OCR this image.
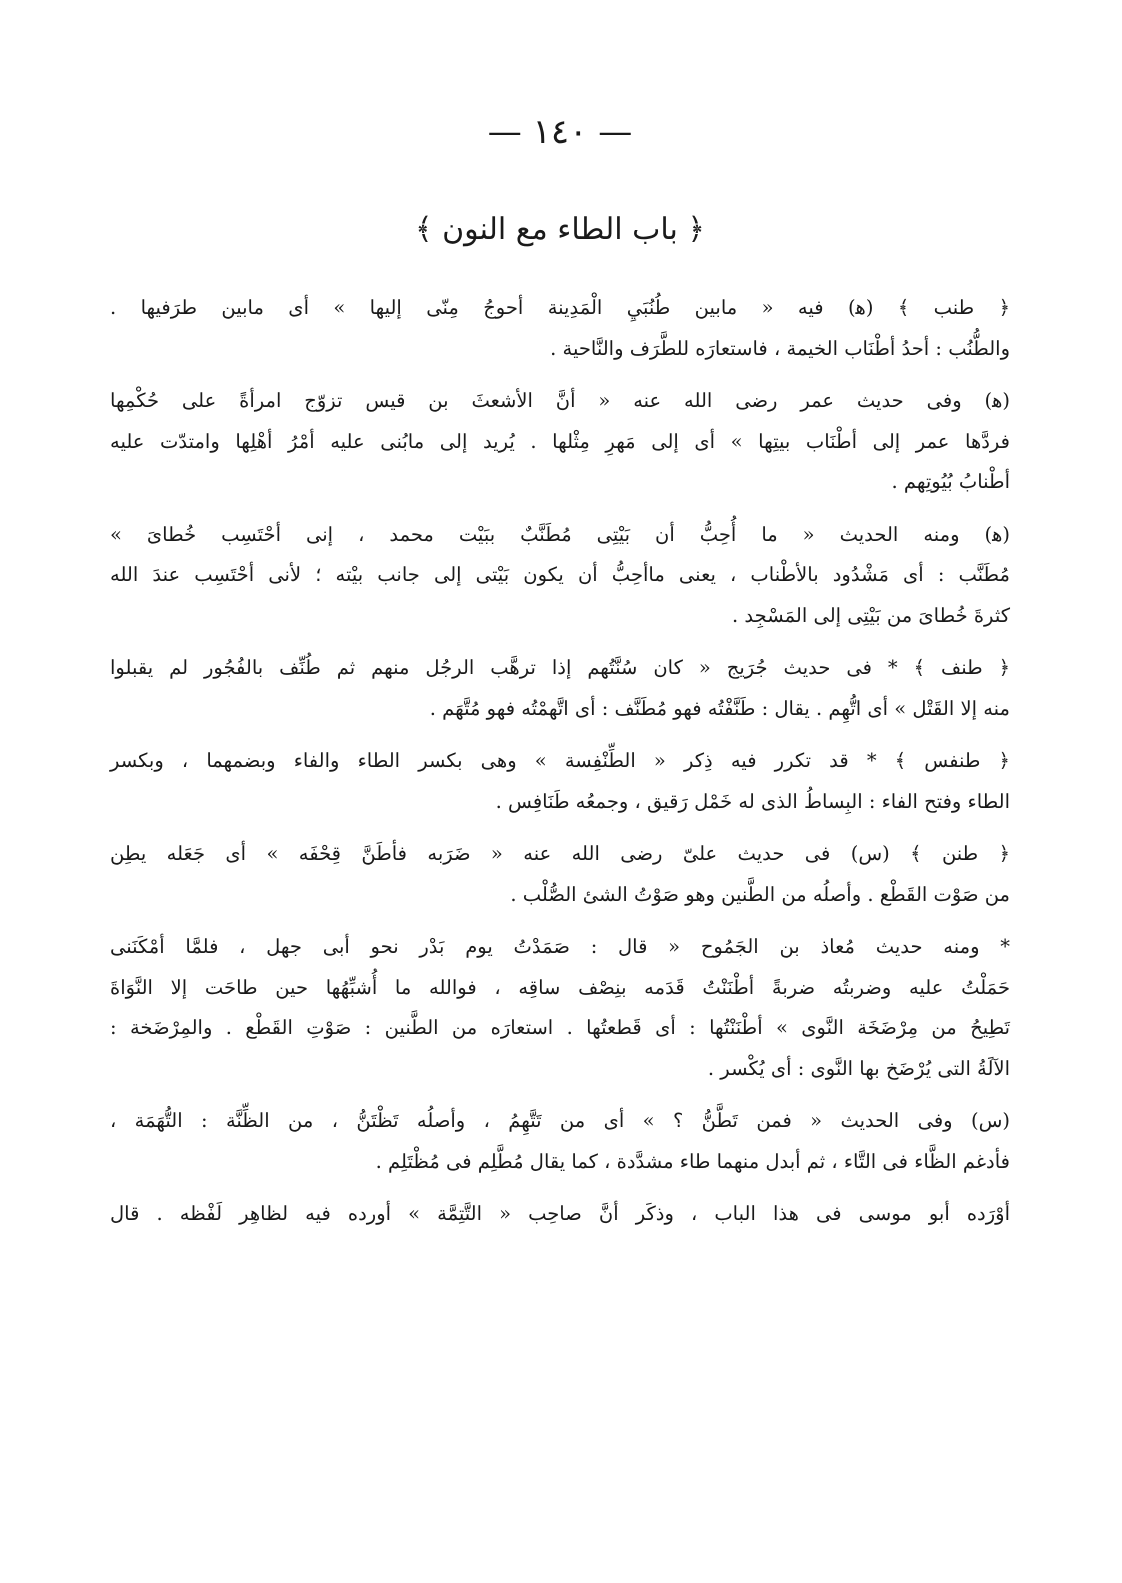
— ١٤٠ —
﴿ باب الطاء مع النون ﴾

﴿ طنب ﴾ (ﻫ) فيه « مابين طُنُبَيِ الْمَدِينة أحوجُ مِنّى إليها » أى مابين طرَفيها .
والطُّنُب : أحدُ أطْنَاب الخيمة ، فاستعارَه للطَّرَف والنَّاحية .

(ﻫ) وفى حديث عمر رضى الله عنه « أنَّ الأشعثَ بن قيس تزوّج امرأةً على حُكْمِها
فردَّها عمر إلى أطْنَاب بيتِها » أى إلى مَهرِ مِثْلها . يُريد إلى مابُنى عليه أمْرُ أهْلِها وامتدّت عليه
أطْنابُ بُيُوتِهم .

(ﻫ) ومنه الحديث « ما أُحِبُّ أن بَيْتِى مُطَنَّبٌ ببَيْت محمد ، إنى أحْتَسِب خُطاىَ »
مُطَنَّب : أى مَشْدُود بالأطْناب ، يعنى ماأحِبُّ أن يكون بَيْتى إلى جانب بيْته ؛ لأنى أحْتَسِب عندَ الله
كثرةَ خُطاىَ من بَيْتِى إلى المَسْجِد .

﴿ طنف ﴾ * فى حديث جُرَيج « كان سُنَّتُهم إذا ترهَّب الرجُل منهم ثم طُنِّف بالفُجُور لم يقبلوا
منه إلا القَتْل » أى اتُّهِم . يقال : طَنَّفْتُه فهو مُطَنَّف : أى اتَّهمْتُه فهو مُتَّهَم .

﴿ طنفس ﴾ * قد تكرر فيه ذِكر « الطِّنْفِسة » وهى بكسر الطاء والفاء وبضمهما ، وبكسر
الطاء وفتح الفاء : البِساطُ الذى له خَمْل رَقيق ، وجمعُه طَنَافِس .

﴿ طنن ﴾ (س) فى حديث علىّ رضى الله عنه « ضَرَبه فأطَنَّ قِحْفَه » أى جَعَله يطِن
من صَوْت القَطْع . وأصلُه من الطَّنين وهو صَوْتُ الشئ الصُّلْب .

* ومنه حديث مُعاذ بن الجَمُوح « قال : صَمَدْتُ يوم بَدْر نحو أبى جهل ، فلمَّا أمْكَنَنى
حَمَلْتُ عليه وضربتُه ضربةً أطْنَنْتُ قَدَمه بنِصْف ساقِه ، فوالله ما أُشبِّهُها حين طاحَت إلا النَّوَاةَ
تَطِيحُ من مِرْضَخَة النَّوى » أطْنَنْتُها : أى قَطعتُها . استعارَه من الطَّنين : صَوْتِ القَطْع . والمِرْضَخة :
الآلَةُ التى يُرْضَخ بها النَّوى : أى يُكْسر .

(س) وفى الحديث « فمن تَطَّنُّ ؟ » أى من تَتَّهِمُ ، وأصلُه تَظْتَنُّ ، من الظِّنَّة : التُّهَمَة ،
فأدغم الظَّاء فى التَّاء ، ثم أبدل منهما طاء مشدَّدة ، كما يقال مُطَّلِم فى مُظْتَلِم .

أوْرَده أبو موسى فى هذا الباب ، وذكَر أنَّ صاحِب « التَّتِمَّة » أورده فيه لظاهِر لَفْظه . قال
